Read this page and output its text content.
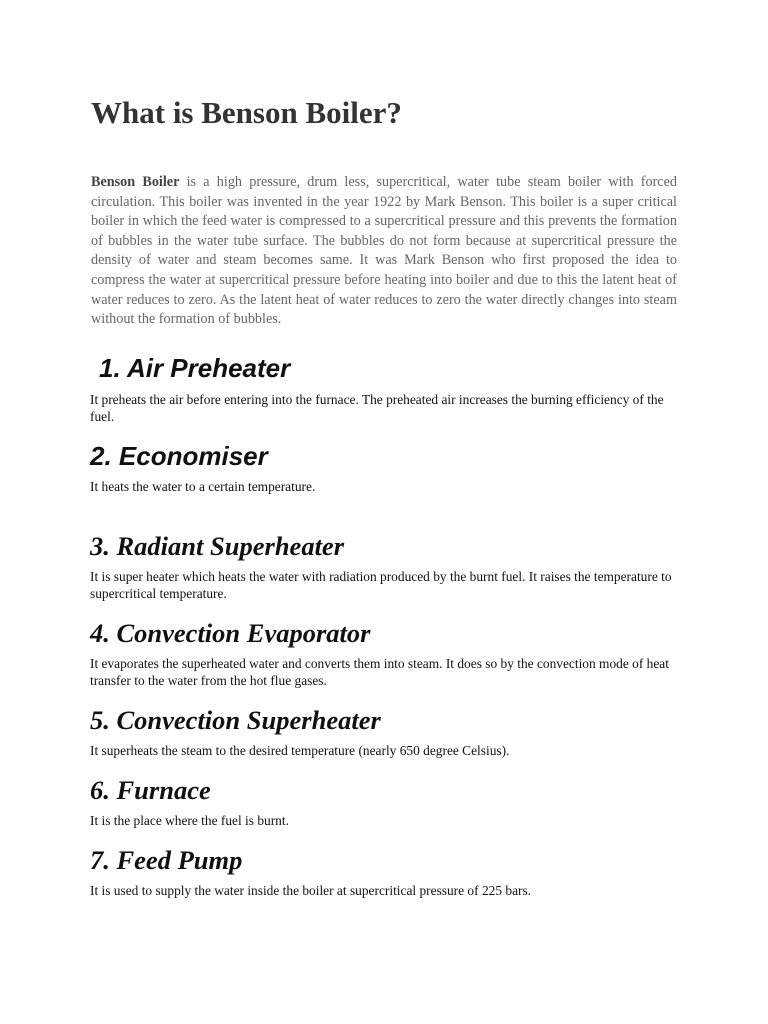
What is Benson Boiler?

Benson Boiler is a high pressure, drum less, supercritical, water tube steam boiler with forced circulation. This boiler was invented in the year 1922 by Mark Benson. This boiler is a super critical boiler in which the feed water is compressed to a supercritical pressure and this prevents the formation of bubbles in the water tube surface. The bubbles do not form because at supercritical pressure the density of water and steam becomes same. It was Mark Benson who first proposed the idea to compress the water at supercritical pressure before heating into boiler and due to this the latent heat of water reduces to zero. As the latent heat of water reduces to zero the water directly changes into steam without the formation of bubbles.

1. Air Preheater

It preheats the air before entering into the furnace. The preheated air increases the burning efficiency of the fuel.

2. Economiser

It heats the water to a certain temperature.

3. Radiant Superheater

It is super heater which heats the water with radiation produced by the burnt fuel. It raises the temperature to supercritical temperature.

4. Convection Evaporator

It evaporates the superheated water and converts them into steam. It does so by the convection mode of heat transfer to the water from the hot flue gases.

5. Convection Superheater

It superheats the steam to the desired temperature (nearly 650 degree Celsius).

6. Furnace

It is the place where the fuel is burnt.

7. Feed Pump

It is used to supply the water inside the boiler at supercritical pressure of 225 bars.
